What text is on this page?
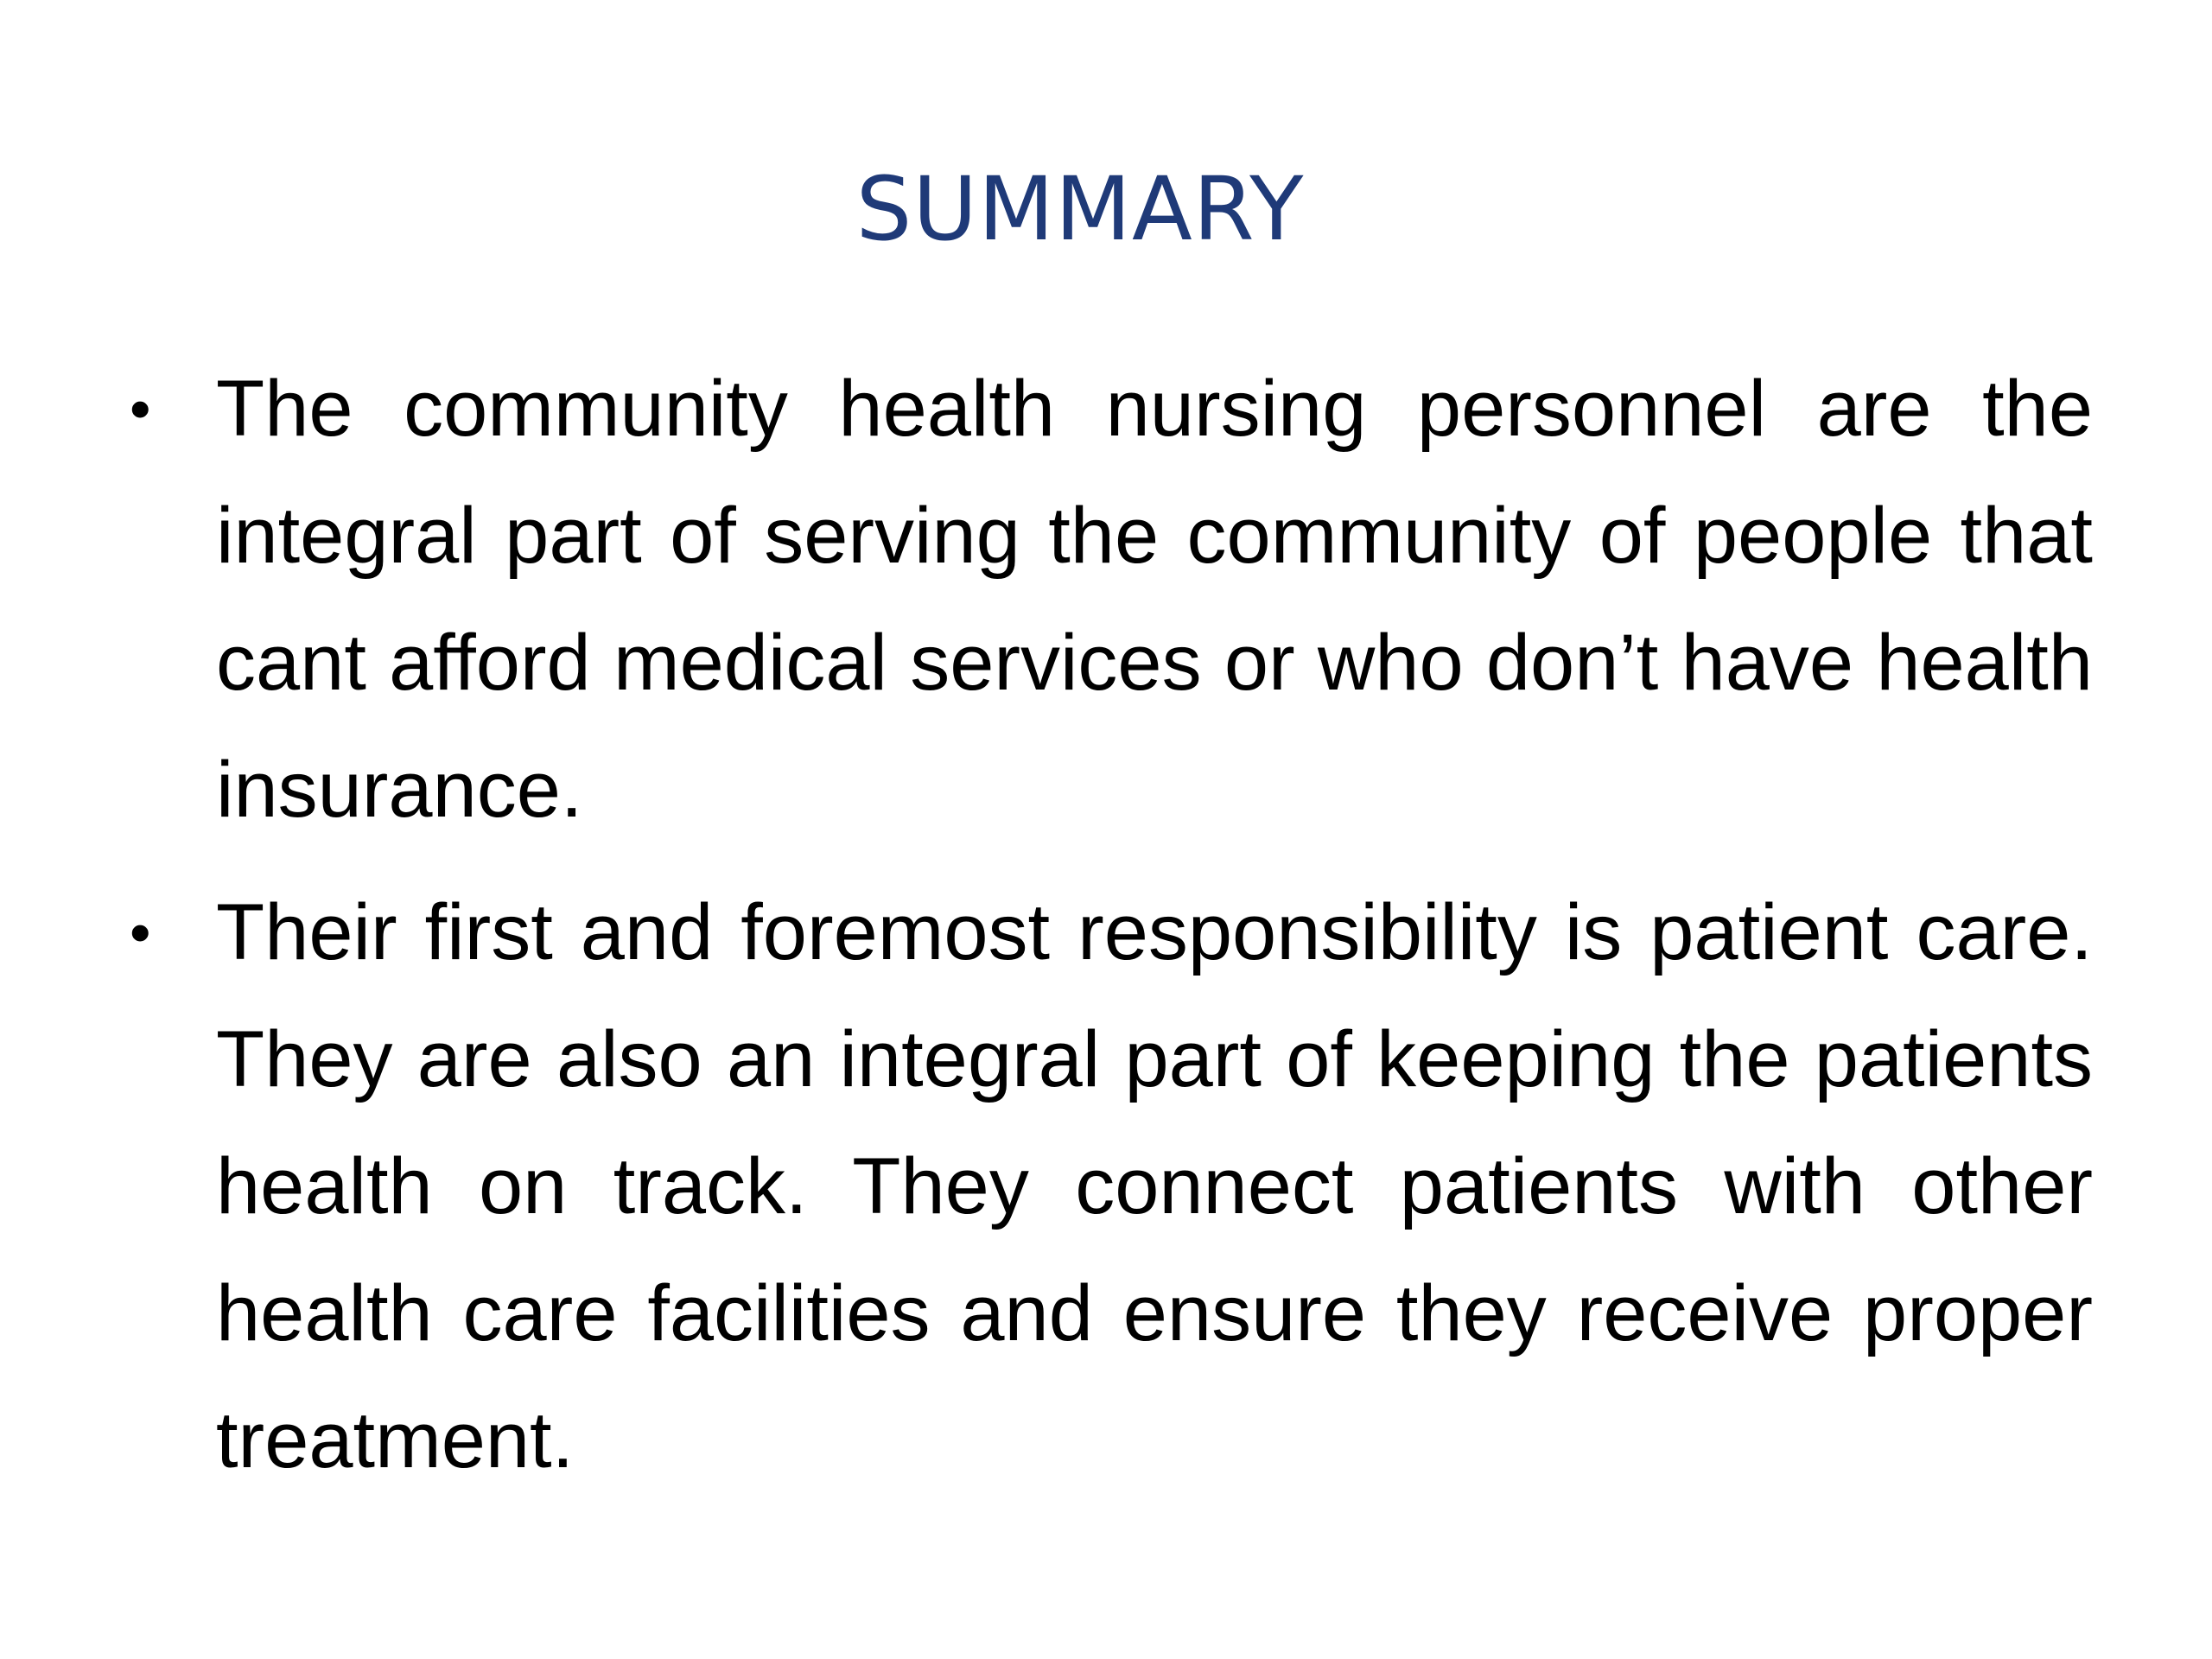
SUMMARY
• The community health nursing personnel are the integral part of serving the community of people that cant afford medical services or who don’t have health insurance.
• Their first and foremost responsibility is patient care. They are also an integral part of keeping the patients health on track. They connect patients with other health care facilities and ensure they receive proper treatment.
